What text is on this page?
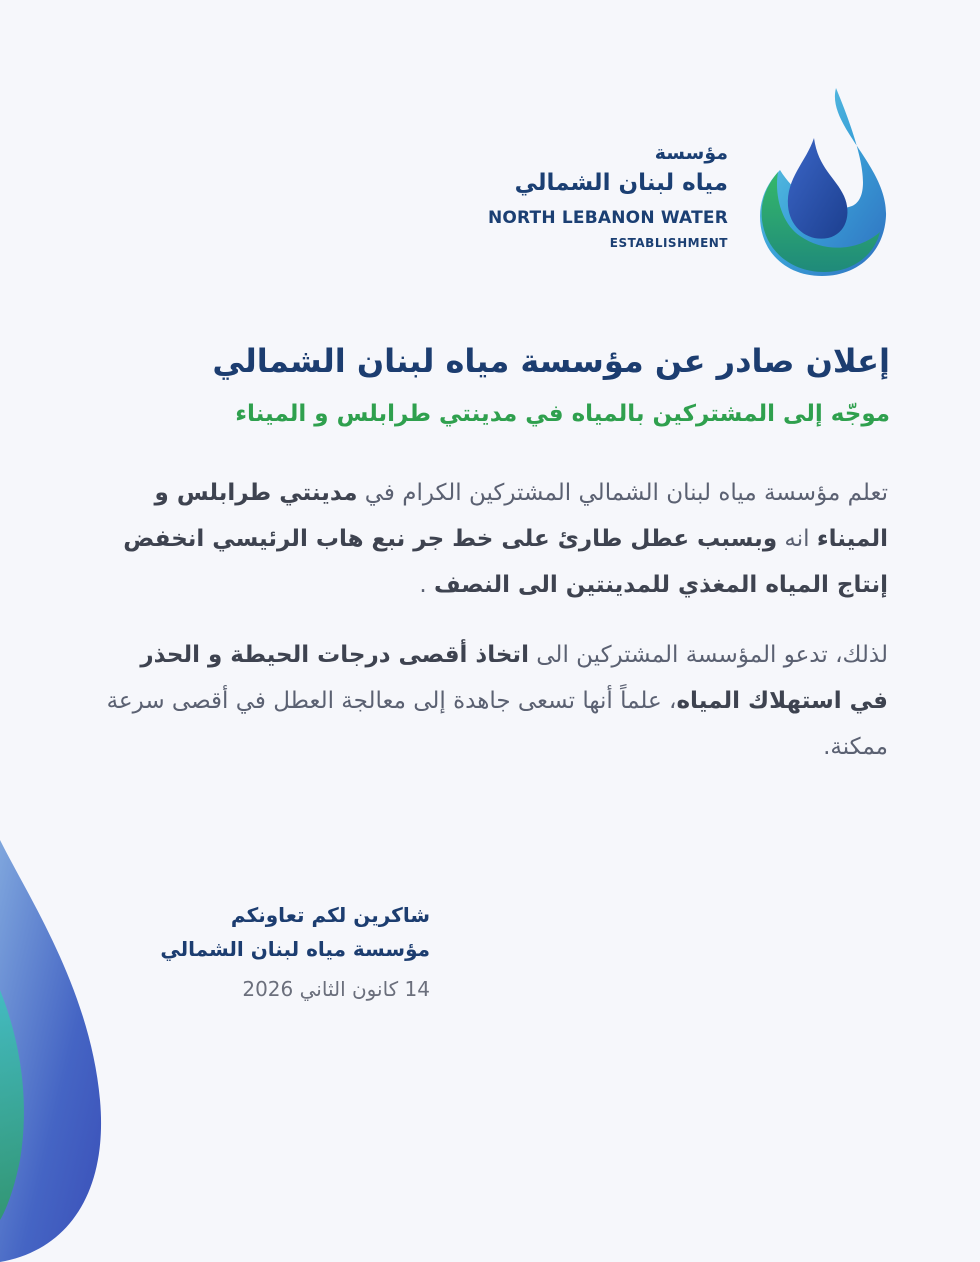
مؤسسة
مياه لبنان الشمالي
NORTH LEBANON WATER
ESTABLISHMENT
إعلان صادر عن مؤسسة مياه لبنان الشمالي
موجّه إلى المشتركين بالمياه في مدينتي طرابلس و الميناء
تعلم مؤسسة مياه لبنان الشمالي المشتركين الكرام في مدينتي طرابلس و الميناء انه وبسبب عطل طارئ على خط جر نبع هاب الرئيسي انخفض إنتاج المياه المغذي للمدينتين الى النصف .
لذلك، تدعو المؤسسة المشتركين الى اتخاذ أقصى درجات الحيطة و الحذر في استهلاك المياه، علماً أنها تسعى جاهدة إلى معالجة العطل في أقصى سرعة ممكنة.
شاكرين لكم تعاونكم
مؤسسة مياه لبنان الشمالي
14 كانون الثاني 2026
